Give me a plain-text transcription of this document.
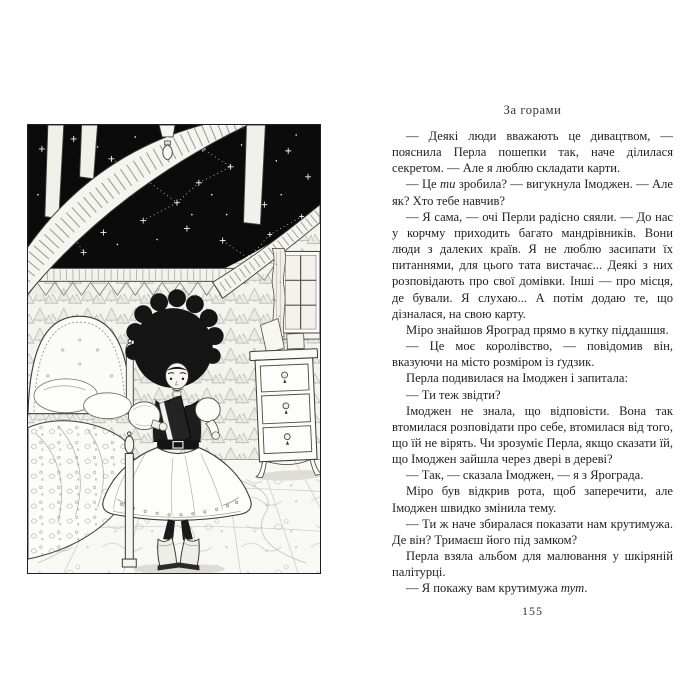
За горами

— Деякі люди вважають це дивацтвом, — пояснила Перла пошепки так, наче ділилася секретом. — Але я люблю складати карти.

— Це ти зробила? — вигукнула Імоджен. — Але як? Хто тебе навчив?

— Я сама, — очі Перли радісно сяяли. — До нас у корчму приходить багато мандрівників. Вони люди з далеких країв. Я не люблю засипати їх питаннями, для цього тата вистачає... Деякі з них розповідають про свої домівки. Інші — про місця, де бували. Я слухаю... А потім додаю те, що дізналася, на свою карту.

Міро знайшов Яроград прямо в кутку піддашшя.

— Це моє королівство, — повідомив він, вказуючи на місто розміром із ґудзик.

Перла подивилася на Імоджен і запитала:

— Ти теж звідти?

Імоджен не знала, що відповісти. Вона так втомилася розповідати про себе, втомилася від того, що їй не вірять. Чи зрозуміє Перла, якщо сказати їй, що Імоджен зайшла через двері в дереві?

— Так, — сказала Імоджен, — я з Ярограда.

Міро був відкрив рота, щоб заперечити, але Імоджен швидко змінила тему.

— Ти ж наче збиралася показати нам крутимужа. Де він? Тримаєш його під замком?

Перла взяла альбом для малювання у шкіряній палітурці.

— Я покажу вам крутимужа тут.

155
